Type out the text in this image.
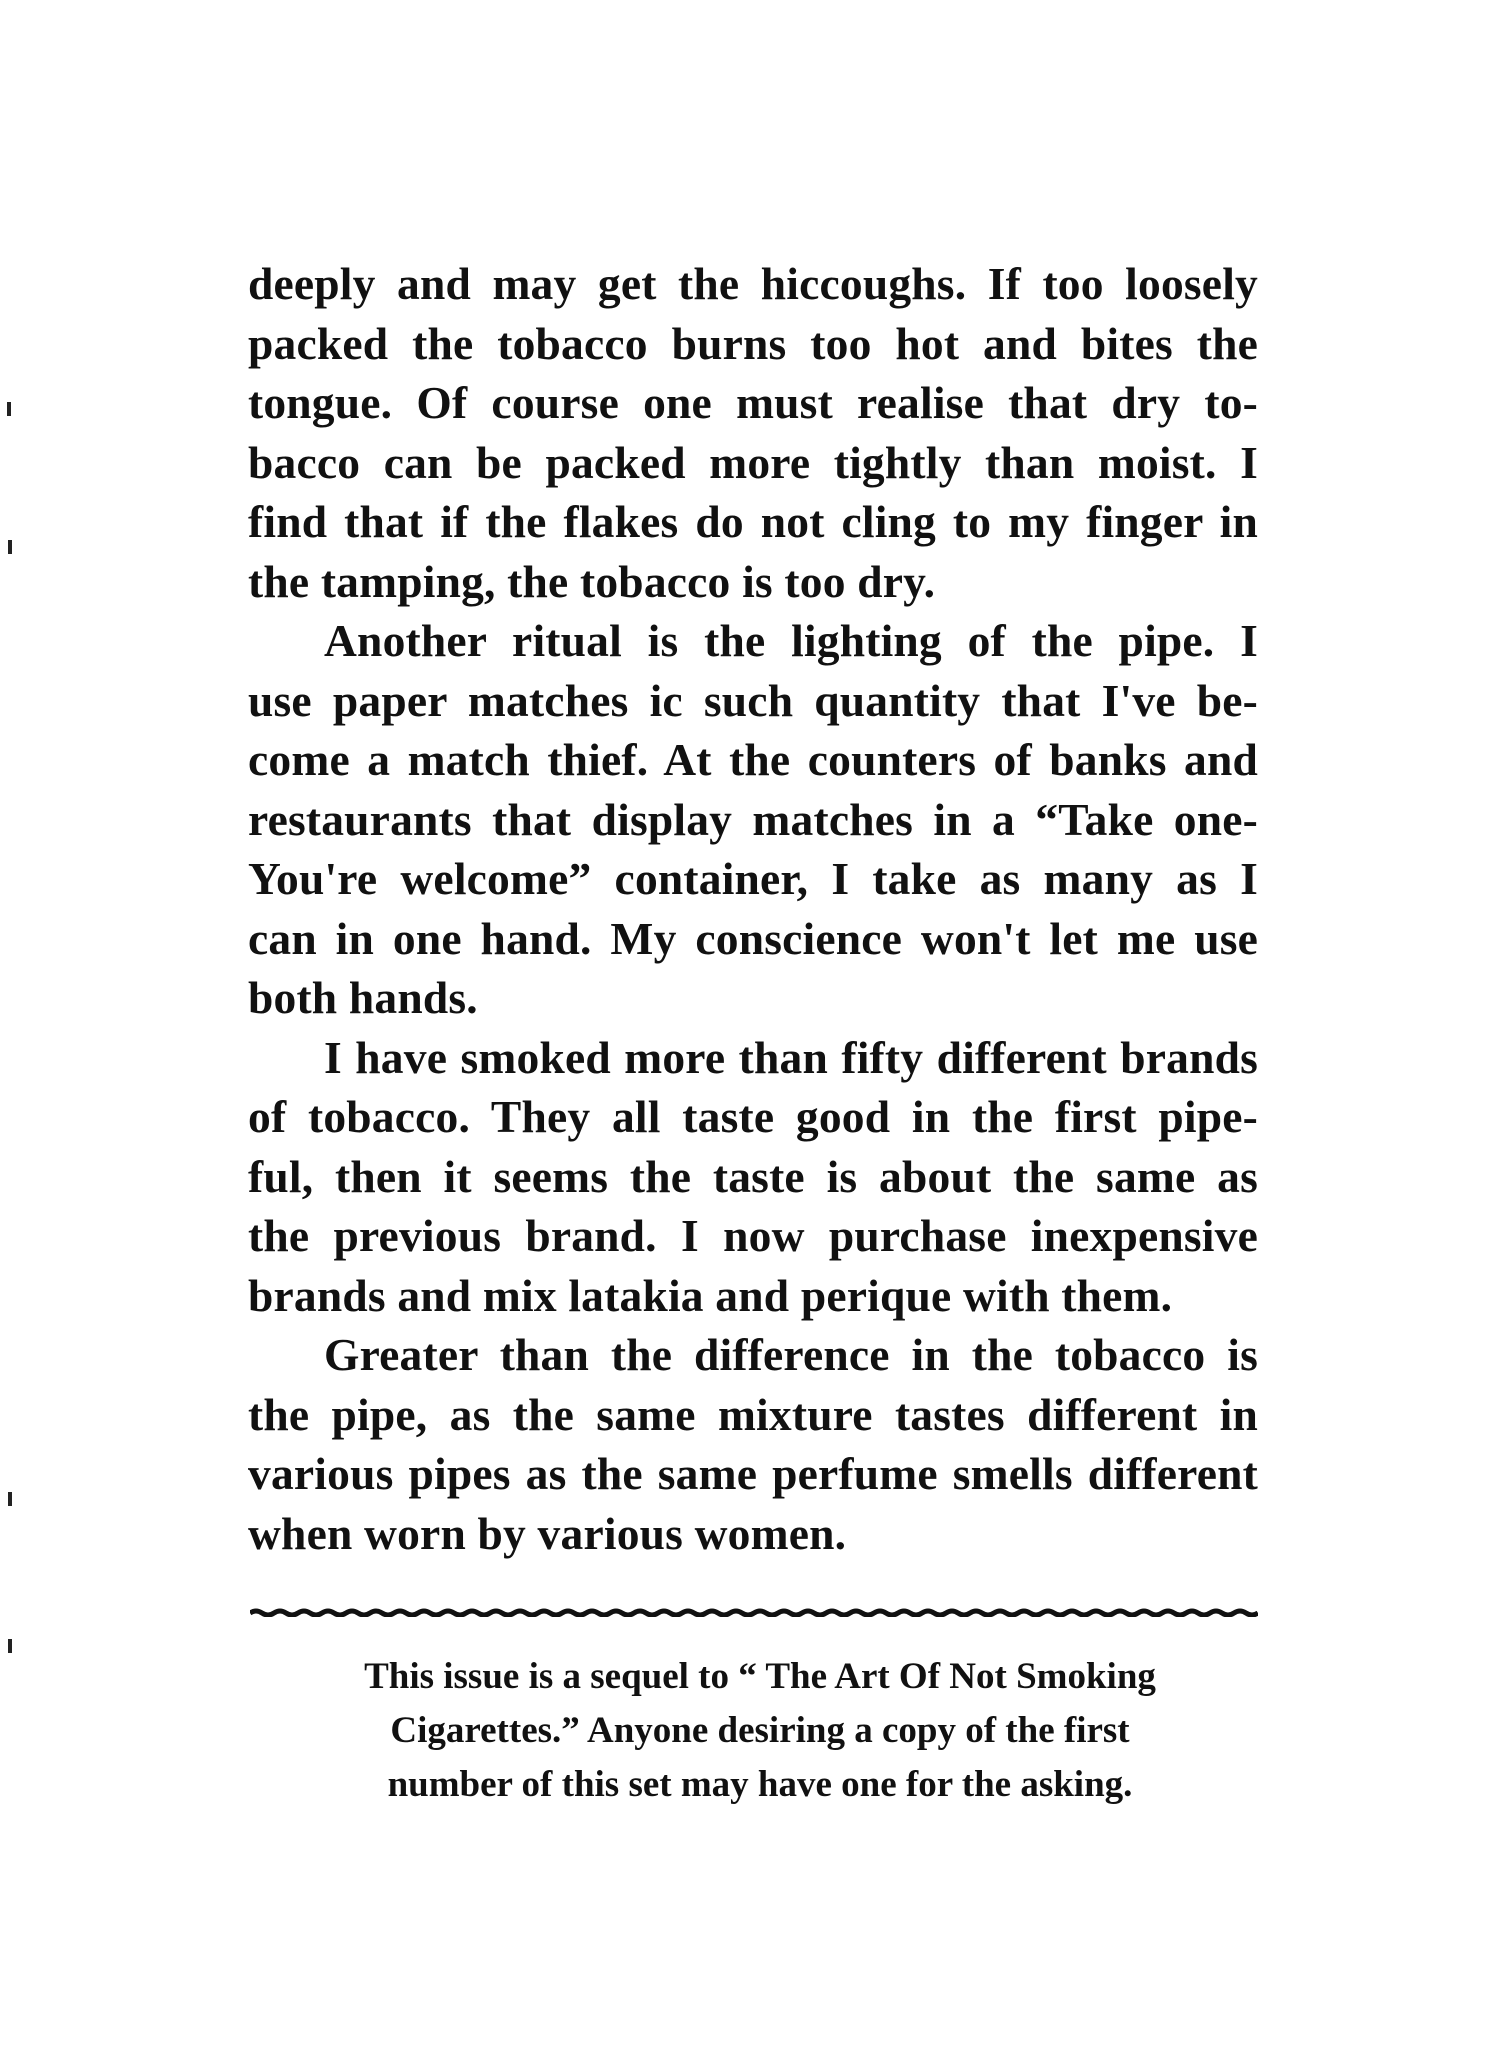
deeply and may get the hiccoughs. If too loosely
packed the tobacco burns too hot and bites the
tongue. Of course one must realise that dry to-
bacco can be packed more tightly than moist. I
find that if the flakes do not cling to my finger in
the tamping, the tobacco is too dry.
Another ritual is the lighting of the pipe. I
use paper matches ic such quantity that I've be-
come a match thief. At the counters of banks and
restaurants that display matches in a “Take one-
You're welcome” container, I take as many as I
can in one hand. My conscience won't let me use
both hands.
I have smoked more than fifty different brands
of tobacco. They all taste good in the first pipe-
ful, then it seems the taste is about the same as
the previous brand. I now purchase inexpensive
brands and mix latakia and perique with them.
Greater than the difference in the tobacco is
the pipe, as the same mixture tastes different in
various pipes as the same perfume smells different
when worn by various women.
This issue is a sequel to “ The Art Of Not Smoking
Cigarettes.” Anyone desiring a copy of the first
number of this set may have one for the asking.
